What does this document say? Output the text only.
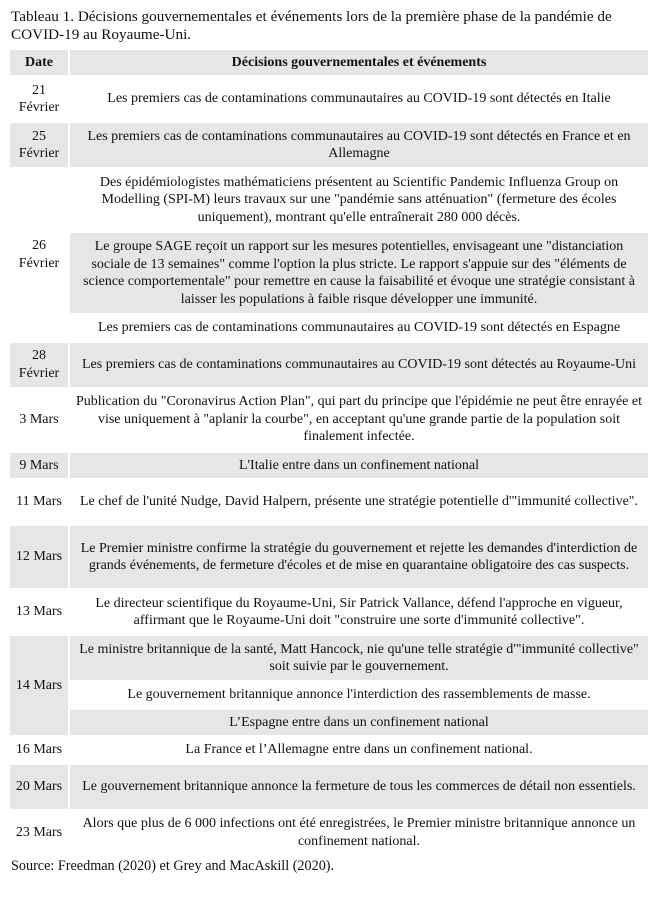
Tableau 1. Décisions gouvernementales et événements lors de la première phase de la pandémie de COVID-19 au Royaume-Uni.
Date	Décisions gouvernementales et événements
21 Février	Les premiers cas de contaminations communautaires au COVID-19 sont détectés en Italie
25 Février	Les premiers cas de contaminations communautaires au COVID-19 sont détectés en France et en Allemagne
26 Février	Des épidémiologistes mathématiciens présentent au Scientific Pandemic Influenza Group on Modelling (SPI-M) leurs travaux sur une "pandémie sans atténuation" (fermeture des écoles uniquement), montrant qu'elle entraînerait 280 000 décès.
	Le groupe SAGE reçoit un rapport sur les mesures potentielles, envisageant une "distanciation sociale de 13 semaines" comme l'option la plus stricte. Le rapport s'appuie sur des "éléments de science comportementale" pour remettre en cause la faisabilité et évoque une stratégie consistant à laisser les populations à faible risque développer une immunité.
	Les premiers cas de contaminations communautaires au COVID-19 sont détectés en Espagne
28 Février	Les premiers cas de contaminations communautaires au COVID-19 sont détectés au Royaume-Uni
3 Mars	Publication du "Coronavirus Action Plan", qui part du principe que l'épidémie ne peut être enrayée et vise uniquement à "aplanir la courbe", en acceptant qu'une grande partie de la population soit finalement infectée.
9 Mars	L'Italie entre dans un confinement national
11 Mars	Le chef de l'unité Nudge, David Halpern, présente une stratégie potentielle d'"immunité collective".
12 Mars	Le Premier ministre confirme la stratégie du gouvernement et rejette les demandes d'interdiction de grands événements, de fermeture d'écoles et de mise en quarantaine obligatoire des cas suspects.
13 Mars	Le directeur scientifique du Royaume-Uni, Sir Patrick Vallance, défend l'approche en vigueur, affirmant que le Royaume-Uni doit "construire une sorte d'immunité collective".
14 Mars	Le ministre britannique de la santé, Matt Hancock, nie qu'une telle stratégie d'"immunité collective" soit suivie par le gouvernement.
	Le gouvernement britannique annonce l'interdiction des rassemblements de masse.
	L’Espagne entre dans un confinement national
16 Mars	La France et l’Allemagne entre dans un confinement national.
20 Mars	Le gouvernement britannique annonce la fermeture de tous les commerces de détail non essentiels.
23 Mars	Alors que plus de 6 000 infections ont été enregistrées, le Premier ministre britannique annonce un confinement national.
Source: Freedman (2020) et Grey and MacAskill (2020).
